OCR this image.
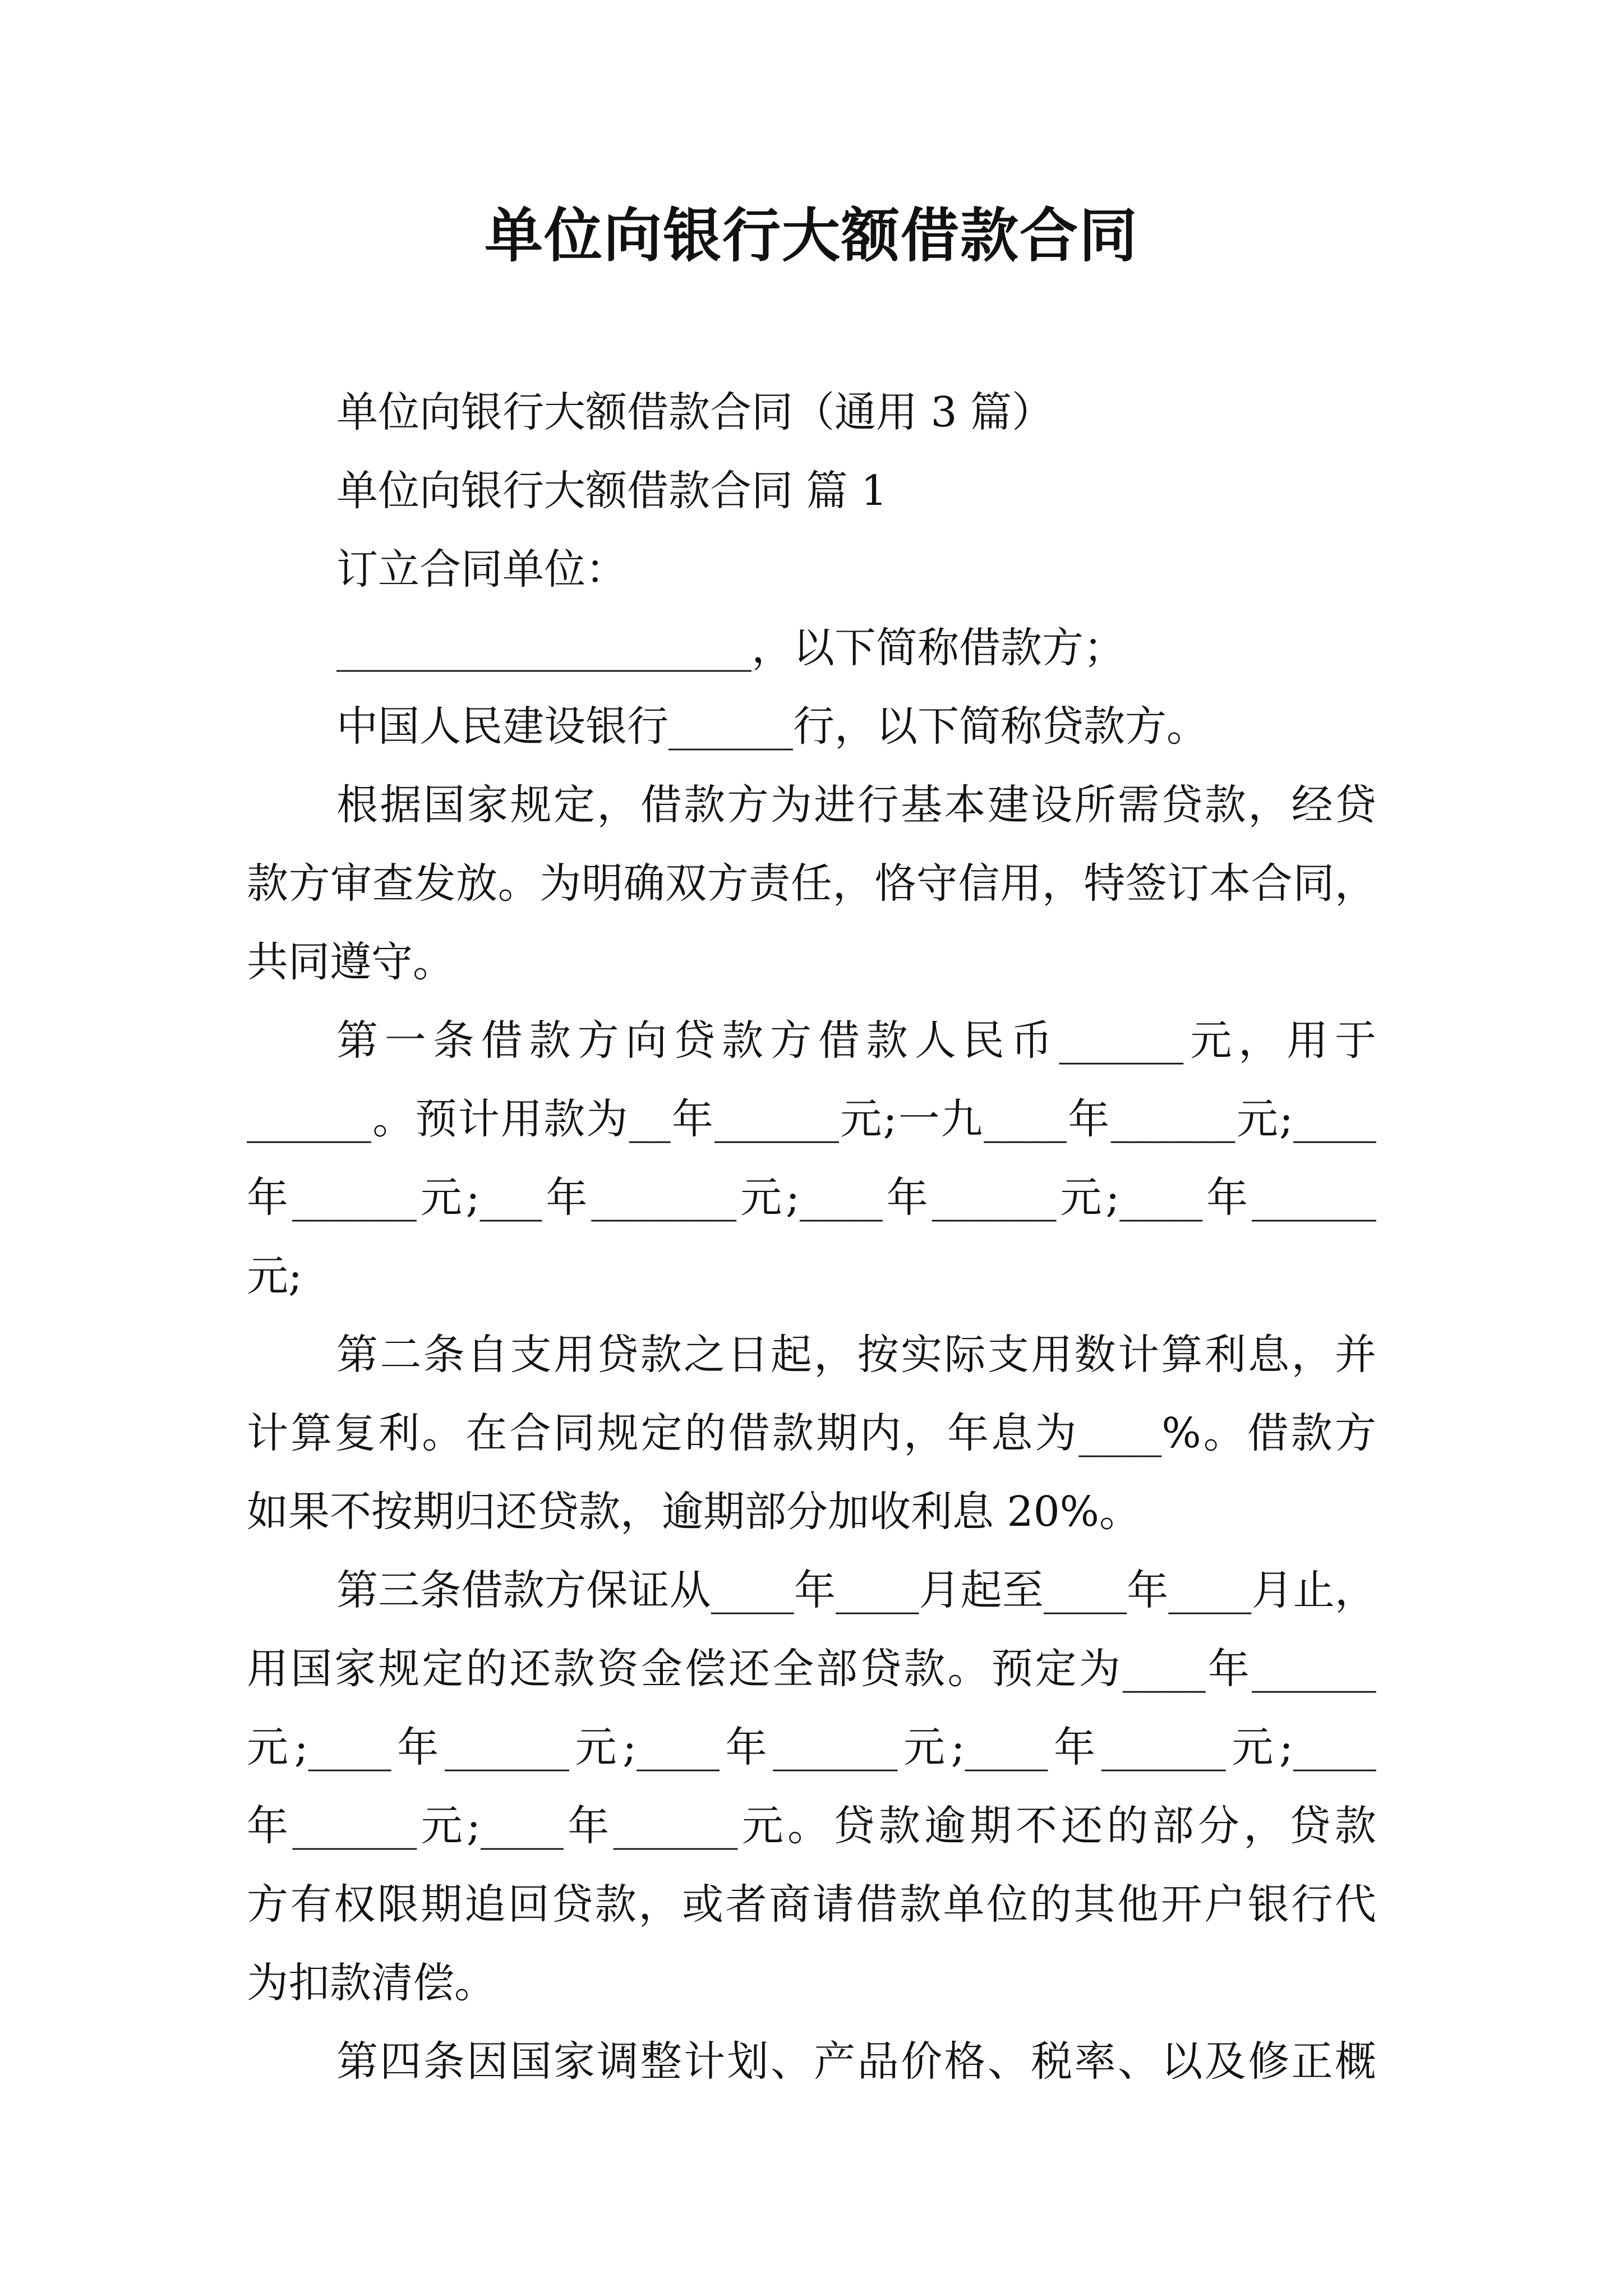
单位向银行大额借款合同
单位向银行大额借款合同（通用 3 篇）
单位向银行大额借款合同 篇 1
订立合同单位：
____________________，以下简称借款方；
中国人民建设银行______行，以下简称贷款方。
根据国家规定，借款方为进行基本建设所需贷款，经贷
款方审查发放。为明确双方责任，恪守信用，特签订本合同，
共同遵守。
第一条借款方向贷款方借款人民币______元，用于
______。预计用款为__年______元;一九____年______元;____
年______元;___年_______元;____年______元;____年______
元;
第二条自支用贷款之日起，按实际支用数计算利息，并
计算复利。在合同规定的借款期内，年息为____%。借款方
如果不按期归还贷款，逾期部分加收利息 20%。
第三条借款方保证从____年____月起至____年____月止，
用国家规定的还款资金偿还全部贷款。预定为____年______
元;____年______元;____年______元;____年______元;____
年______元;____年______元。贷款逾期不还的部分，贷款
方有权限期追回贷款，或者商请借款单位的其他开户银行代
为扣款清偿。
第四条因国家调整计划、产品价格、税率、以及修正概
